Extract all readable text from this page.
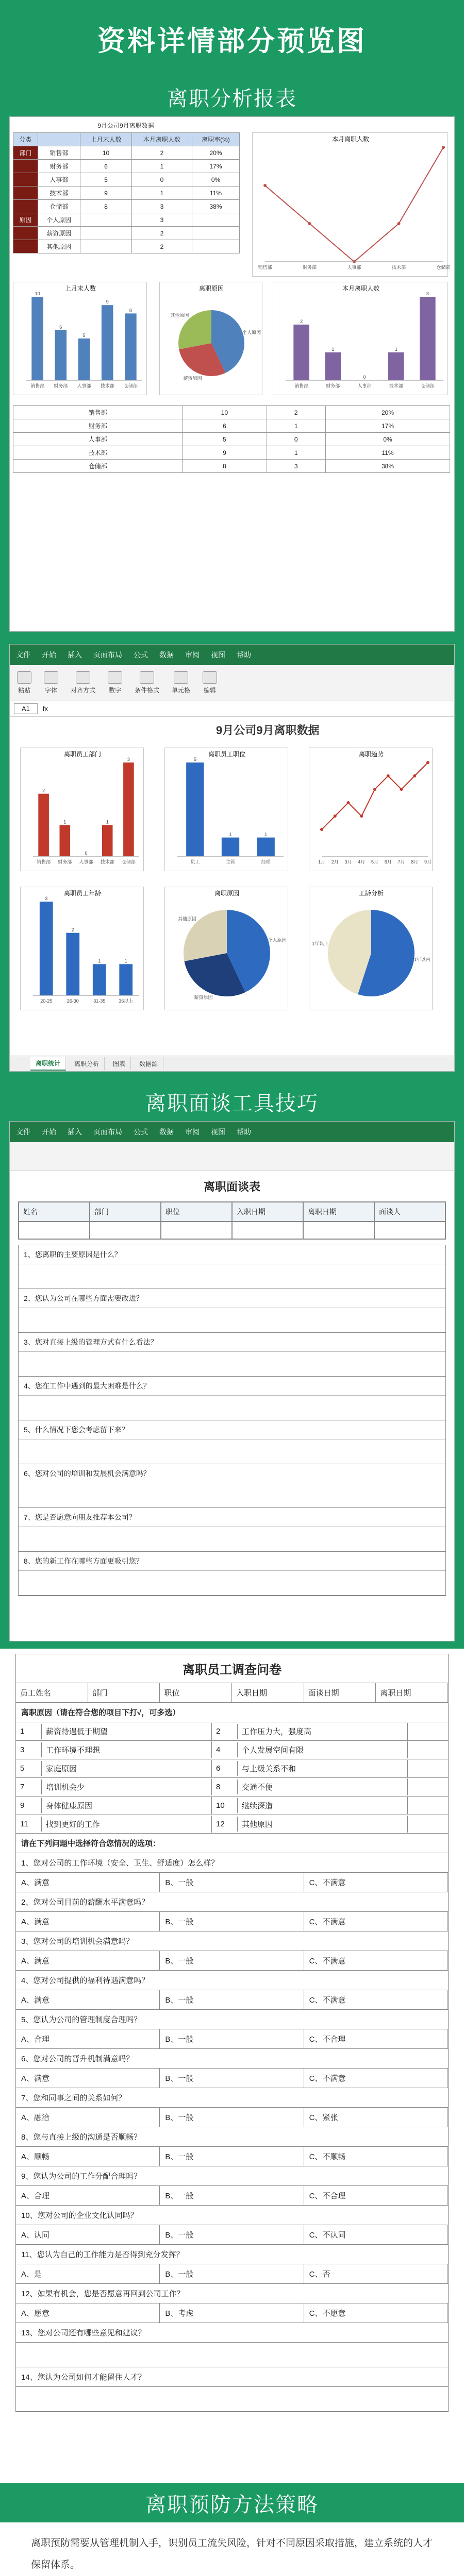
资料详情部分预览图
离职分析报表
9月公司9月离职数据
分类		上月末人数	本月离职人数	离职率(%)
部门	销售部	10	2	20%
	财务部	6	1	17%
	人事部	5	0	0%
	技术部	9	1	11%
	仓储部	8	3	38%
原因	个人原因		3	
	薪资原因		2	
	其他原因		2	
本月离职人数
销售部	财务部	人事部	技术部	仓储部
上月末人数
销售部
10
财务部
6
人事部
5
技术部
9
仓储部
8
离职原因
个人原因
薪资原因
其他原因
本月离职人数
销售部
2
财务部
1
人事部
0
技术部
1
仓储部
3
销售部	10	2	20%
财务部	6	1	17%
人事部	5	0	0%
技术部	9	1	11%
仓储部	8	3	38%
文件 开始 插入 页面布局 公式 数据 审阅 视图 帮助
粘贴 字体 对齐方式 数字 条件格式 单元格 编辑
A1	fx
9月公司9月离职数据
离职员工部门
销售部
2
财务部
1
人事部
0
技术部
1
仓储部
3
离职员工职位
员工
5
主管
1
经理
1
离职趋势
1月 2月 3月 4月 5月 6月 7月 8月 9月
离职员工年龄
20-25
3
26-30
2
31-35
1
36以上
1
离职原因
个人原因
薪资原因
其他原因
工龄分析
1年以内
1年以上
离职统计	离职分析	图表	数据源
离职面谈工具技巧
文件 开始 插入 页面布局 公式 数据 审阅 视图 帮助
离职面谈表
姓名	部门	职位	入职日期	离职日期	面谈人
1、您离职的主要原因是什么？
2、您认为公司在哪些方面需要改进？
3、您对直接上级的管理方式有什么看法？
4、您在工作中遇到的最大困难是什么？
5、什么情况下您会考虑留下来？
6、您对公司的培训和发展机会满意吗？
7、您是否愿意向朋友推荐本公司？
8、您的新工作在哪些方面更吸引您？
离职员工调查问卷
员工姓名	部门	职位	入职日期	面谈日期	离职日期
离职原因（请在符合您的项目下打√，可多选）
1	薪资待遇低于期望	2	工作压力大，强度高
3	工作环境不理想	4	个人发展空间有限
5	家庭原因	6	与上级关系不和
7	培训机会少	8	交通不便
9	身体健康原因	10	继续深造
11	找到更好的工作	12	其他原因
请在下列问题中选择符合您情况的选项：
1、您对公司的工作环境（安全、卫生、舒适度）怎么样？
A、满意	B、一般	C、不满意
2、您对公司目前的薪酬水平满意吗？
A、满意	B、一般	C、不满意
3、您对公司的培训机会满意吗？
A、满意	B、一般	C、不满意
4、您对公司提供的福利待遇满意吗？
A、满意	B、一般	C、不满意
5、您认为公司的管理制度合理吗？
A、合理	B、一般	C、不合理
6、您对公司的晋升机制满意吗？
A、满意	B、一般	C、不满意
7、您和同事之间的关系如何？
A、融洽	B、一般	C、紧张
8、您与直接上级的沟通是否顺畅？
A、顺畅	B、一般	C、不顺畅
9、您认为公司的工作分配合理吗？
A、合理	B、一般	C、不合理
10、您对公司的企业文化认同吗？
A、认同	B、一般	C、不认同
11、您认为自己的工作能力是否得到充分发挥？
A、是	B、一般	C、否
12、如果有机会，您是否愿意再回到公司工作？
A、愿意	B、考虑	C、不愿意
13、您对公司还有哪些意见和建议？
14、您认为公司如何才能留住人才？
离职预防方法策略
离职预防需要从管理机制入手，识别员工流失风险，针对不同原因采取措施，建立系统的人才保留体系。
